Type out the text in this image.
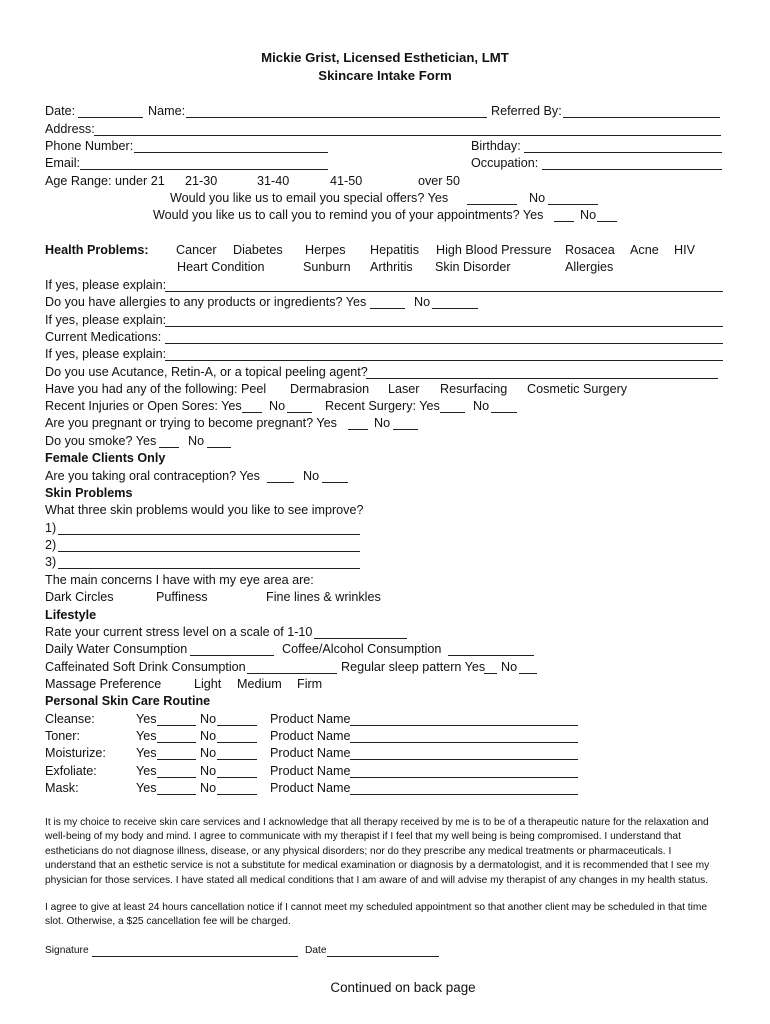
Mickie Grist, Licensed Esthetician, LMT
Skincare Intake Form
Date:	Name:	Referred By:
Address:
Phone Number:	Birthday:
Email:	Occupation:
Age Range: under 21 21-30	31-40	41-50	over 50
Would you like us to email you special offers? Yes	No
Would you like us to call you to remind you of your appointments? Yes	No
Health Problems: Cancer Diabetes Herpes Hepatitis High Blood Pressure Rosacea Acne HIV
Heart Condition	Sunburn Arthritis Skin Disorder	Allergies
If yes, please explain:
Do you have allergies to any products or ingredients? Yes	No
If yes, please explain:
Current Medications:
If yes, please explain:
Do you use Acutance, Retin-A, or a topical peeling agent?
Have you had any of the following: Peel Dermabrasion Laser Resurfacing Cosmetic Surgery
Recent Injuries or Open Sores: Yes No	Recent Surgery: Yes	No
Are you pregnant or trying to become pregnant? Yes	No
Do you smoke? Yes	No
Female Clients Only
Are you taking oral contraception? Yes	No
Skin Problems
What three skin problems would you like to see improve?
1)
2)
3)
The main concerns I have with my eye area are:
Dark Circles	Puffiness	Fine lines & wrinkles
Lifestyle
Rate your current stress level on a scale of 1-10
Daily Water Consumption	Coffee/Alcohol Consumption
Caffeinated Soft Drink Consumption	Regular sleep pattern Yes No
Massage Preference	Light Medium Firm
Personal Skin Care Routine
Cleanse:	Yes	No	Product Name
Toner:	Yes	No	Product Name
Moisturize: Yes	No	Product Name
Exfoliate:	Yes	No	Product Name
Mask:	Yes	No	Product Name
It is my choice to receive skin care services and I acknowledge that all therapy received by me is to be of a therapeutic nature for the relaxation and well-being of my body and mind. I agree to communicate with my therapist if I feel that my well being is being compromised. I understand that estheticians do not diagnose illness, disease, or any physical disorders; nor do they prescribe any medical treatments or pharmaceuticals. I understand that an esthetic service is not a substitute for medical examination or diagnosis by a dermatologist, and it is recommended that I see my physician for those services. I have stated all medical conditions that I am aware of and will advise my therapist of any changes in my health status.
I agree to give at least 24 hours cancellation notice if I cannot meet my scheduled appointment so that another client may be scheduled in that time slot. Otherwise, a $25 cancellation fee will be charged.
Signature	Date
Continued on back page
